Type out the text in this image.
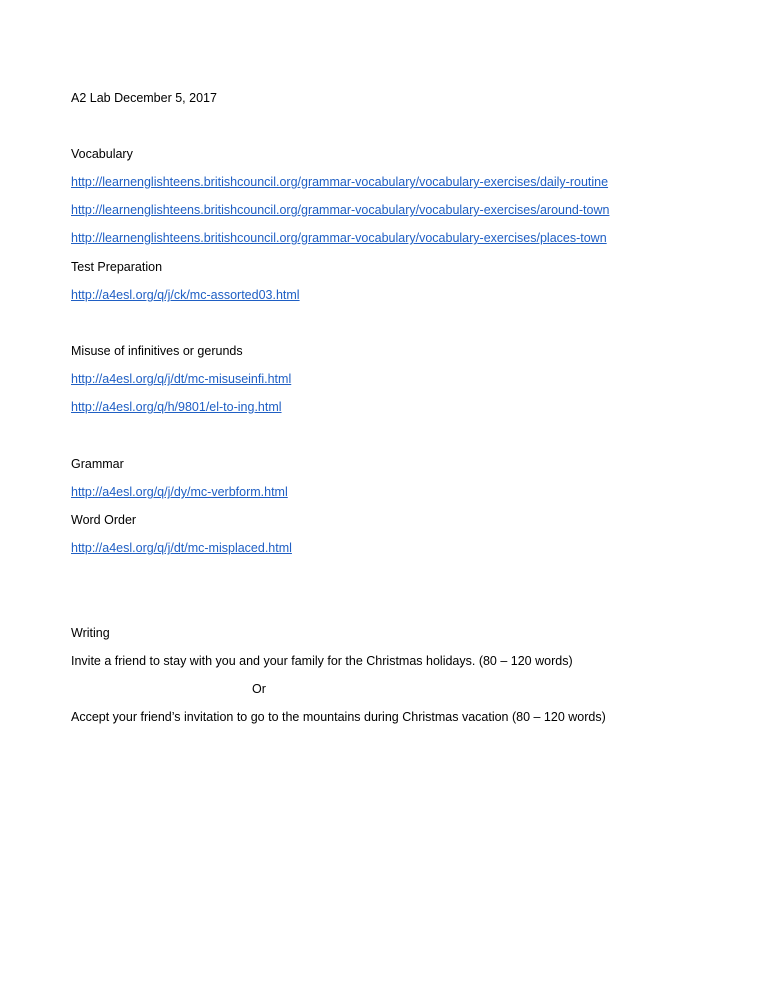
A2 Lab December 5, 2017
Vocabulary
http://learnenglishteens.britishcouncil.org/grammar-vocabulary/vocabulary-exercises/daily-routine
http://learnenglishteens.britishcouncil.org/grammar-vocabulary/vocabulary-exercises/around-town
http://learnenglishteens.britishcouncil.org/grammar-vocabulary/vocabulary-exercises/places-town
Test Preparation
http://a4esl.org/q/j/ck/mc-assorted03.html
Misuse of infinitives or gerunds
http://a4esl.org/q/j/dt/mc-misuseinfi.html
http://a4esl.org/q/h/9801/el-to-ing.html
Grammar
http://a4esl.org/q/j/dy/mc-verbform.html
Word Order
http://a4esl.org/q/j/dt/mc-misplaced.html
Writing
Invite a friend to stay with you and your family for the Christmas holidays. (80 – 120 words)
Or
Accept your friend’s invitation to go to the mountains during Christmas vacation (80 – 120 words)
